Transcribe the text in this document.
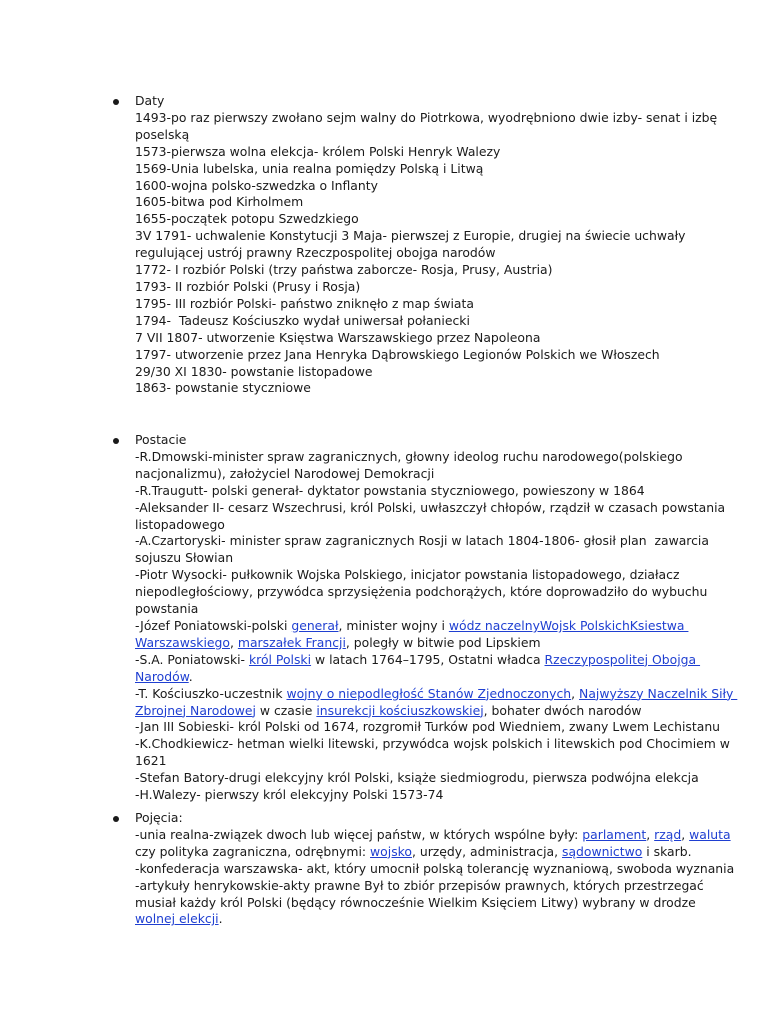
Daty
1493-po raz pierwszy zwołano sejm walny do Piotrkowa, wyodrębniono dwie izby- senat i izbę
poselską
1573-pierwsza wolna elekcja- królem Polski Henryk Walezy
1569-Unia lubelska, unia realna pomiędzy Polską i Litwą
1600-wojna polsko-szwedzka o Inflanty
1605-bitwa pod Kirholmem
1655-początek potopu Szwedzkiego
3V 1791- uchwalenie Konstytucji 3 Maja- pierwszej z Europie, drugiej na świecie uchwały
regulującej ustrój prawny Rzeczpospolitej obojga narodów
1772- I rozbiór Polski (trzy państwa zaborcze- Rosja, Prusy, Austria)
1793- II rozbiór Polski (Prusy i Rosja)
1795- III rozbiór Polski- państwo zniknęło z map świata
1794-  Tadeusz Kościuszko wydał uniwersał połaniecki
7 VII 1807- utworzenie Księstwa Warszawskiego przez Napoleona
1797- utworzenie przez Jana Henryka Dąbrowskiego Legionów Polskich we Włoszech
29/30 XI 1830- powstanie listopadowe
1863- powstanie styczniowe
Postacie
-R.Dmowski-minister spraw zagranicznych, głowny ideolog ruchu narodowego(polskiego
nacjonalizmu), założyciel Narodowej Demokracji
-R.Traugutt- polski generał- dyktator powstania styczniowego, powieszony w 1864
-Aleksander II- cesarz Wszechrusi, król Polski, uwłaszczył chłopów, rządził w czasach powstania
listopadowego
-A.Czartoryski- minister spraw zagranicznych Rosji w latach 1804-1806- głosił plan  zawarcia
sojuszu Słowian
-Piotr Wysocki- pułkownik Wojska Polskiego, inicjator powstania listopadowego, działacz
niepodległościowy, przywódca sprzysiężenia podchorążych, które doprowadziło do wybuchu
powstania
-Józef Poniatowski-polski generał, minister wojny i wódz naczelnyWojsk PolskichKsiestwa
Warszawskiego, marszałek Francji, poległy w bitwie pod Lipskiem
-S.A. Poniatowski- król Polski w latach 1764–1795, Ostatni władca Rzeczypospolitej Obojga
Narodów.
-T. Kościuszko-uczestnik wojny o niepodległość Stanów Zjednoczonych, Najwyższy Naczelnik Siły
Zbrojnej Narodowej w czasie insurekcji kościuszkowskiej, bohater dwóch narodów
-Jan III Sobieski- król Polski od 1674, rozgromił Turków pod Wiedniem, zwany Lwem Lechistanu
-K.Chodkiewicz- hetman wielki litewski, przywódca wojsk polskich i litewskich pod Chocimiem w
1621
-Stefan Batory-drugi elekcyjny król Polski, książe siedmiogrodu, pierwsza podwójna elekcja
-H.Walezy- pierwszy król elekcyjny Polski 1573-74
Pojęcia:
-unia realna-związek dwoch lub więcej państw, w których wspólne były: parlament, rząd, waluta
czy polityka zagraniczna, odrębnymi: wojsko, urzędy, administracja, sądownictwo i skarb.
-konfederacja warszawska- akt, który umocnił polską tolerancję wyznaniową, swoboda wyznania
-artykuły henrykowskie-akty prawne Był to zbiór przepisów prawnych, których przestrzegać
musiał każdy król Polski (będący równocześnie Wielkim Księciem Litwy) wybrany w drodze
wolnej elekcji.
